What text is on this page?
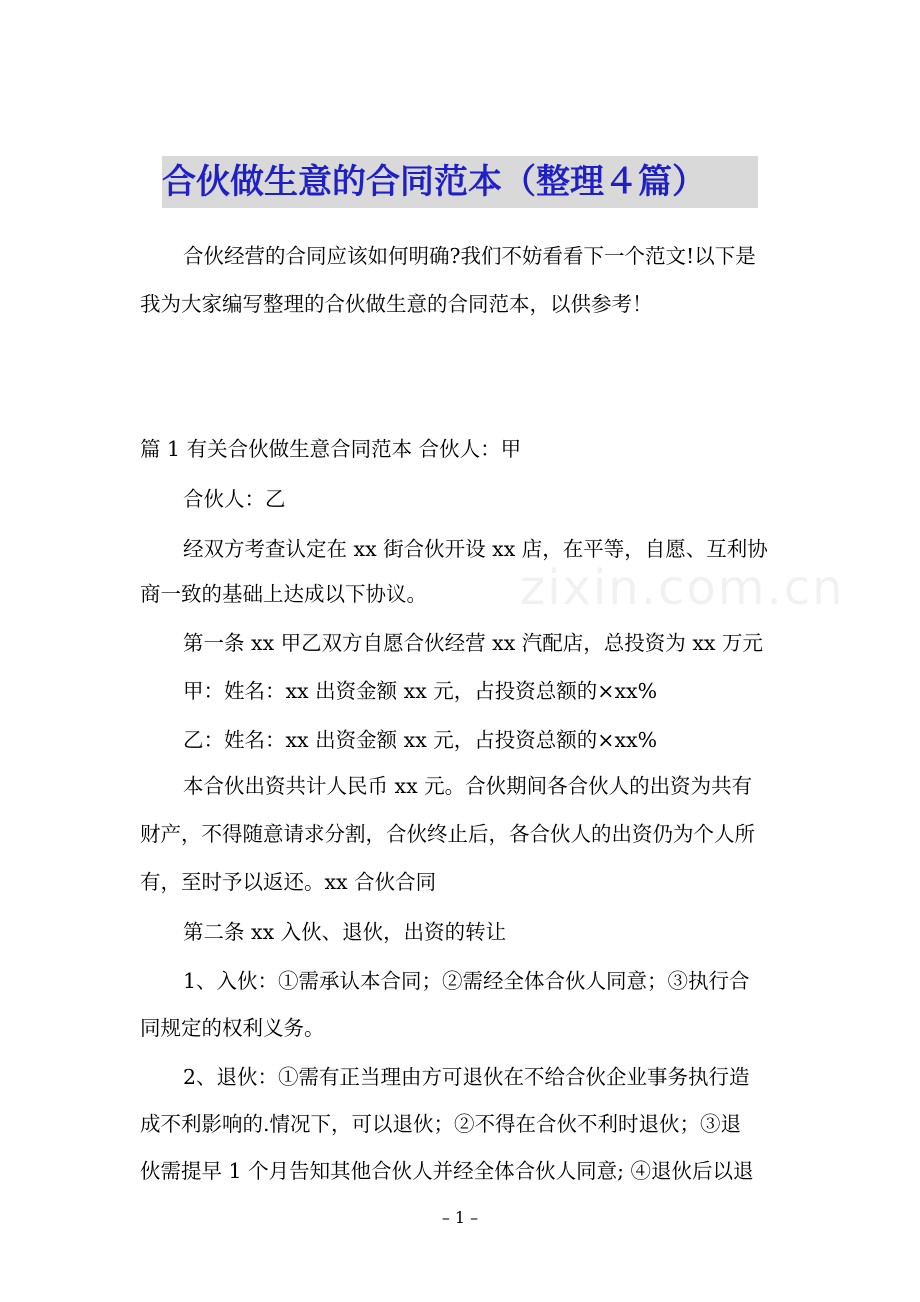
合伙做生意的合同范本（整理４篇）
合伙经营的合同应该如何明确?我们不妨看看下一个范文!以下是
我为大家编写整理的合伙做生意的合同范本，以供参考！
篇 1 有关合伙做生意合同范本 合伙人：甲
合伙人：乙
经双方考查认定在 xx 街合伙开设 xx 店，在平等，自愿、互利协
商一致的基础上达成以下协议。
第一条 xx 甲乙双方自愿合伙经营 xx 汽配店，总投资为 xx 万元
甲：姓名：xx 出资金额 xx 元，占投资总额的×xx%
乙：姓名：xx 出资金额 xx 元，占投资总额的×xx%
本合伙出资共计人民币 xx 元。合伙期间各合伙人的出资为共有
财产，不得随意请求分割，合伙终止后，各合伙人的出资仍为个人所
有，至时予以返还。xx 合伙合同
第二条 xx 入伙、退伙，出资的转让
1、入伙：①需承认本合同；②需经全体合伙人同意；③执行合
同规定的权利义务。
2、退伙：①需有正当理由方可退伙在不给合伙企业事务执行造
成不利影响的.情况下，可以退伙；②不得在合伙不利时退伙；③退
伙需提早 1 个月告知其他合伙人并经全体合伙人同意; ④退伙后以退
zixin.com.cn
– 1 –
